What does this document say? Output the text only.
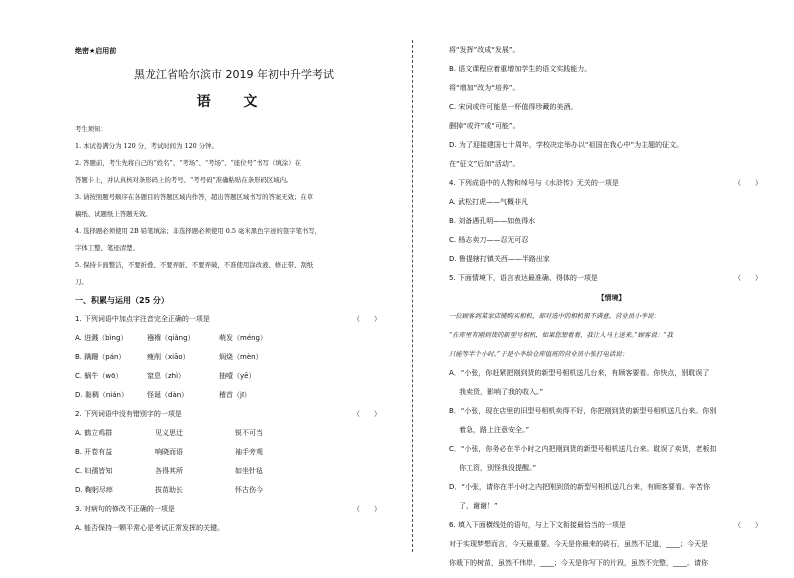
绝密★启用前
黑龙江省哈尔滨市 2019 年初中升学考试
语 文
考生须知：
1. 本试卷满分为 120 分，考试时间为 120 分钟。
2. 答题前，考生先将自己的“姓名”、“考场”、“考场”、“座位号”书写（填涂）在
答题卡上，并认真核对条形码上的考号、“考号码”准确粘贴在条形码区域内。
3. 请按照题号顺序在各题目的答题区域内作答，超出答题区域书写的答案无效；在草
稿纸、试题纸上答题无效。
4. 选择题必须使用 2B 铅笔填涂；非选择题必须使用 0.5 毫米黑色字迹的签字笔书写，
字体工整、笔迹清楚。
5. 保持卡面整洁，不要折叠、不要弄脏、不要弄破，不准使用涂改液、修正带、刮纸
刀。
一、积累与运用（25 分）
1. 下列词语中加点字注音完全正确的一项是	（　　）
A. 迸溅（bìng）	襁褓（qiǎng）	萌发（méng）
B. 蹒跚（pán）	瘦削（xiāo）	焖烧（mèn）
C. 蜗牛（wō）	窒息（zhì）	抽噎（yē）
D. 黏稠（nián）	怪诞（dàn）	稽首（jī）
2. 下列词语中没有错别字的一项是	（　　）
A. 鹤立鸡群	见义思迁	锐不可当
B. 开卷有益	响晓而语	袖手旁观
C. 妇孺皆知	各得其所	如坐针毡
D. 鞠躬尽瘁	拔苗助长	怀古伤今
3. 对病句的修改不正确的一项是	（　　）
A. 能否保持一颗平常心是考试正常发挥的关键。
将“发挥”改成“发展”。
B. 语文课程应着重增加学生的语文实践能力。
将“增加”改为“培养”。
C. 宋词或许可能是一杯值得珍藏的美酒。
删掉“或许”或“可能”。
D. 为了迎接建国七十周年，学校决定举办以“祖国在我心中”为主题的征文。
在“征文”后加“活动”。
4. 下列成语中的人物和绰号与《水浒传》无关的一项是	（　　）
A. 武松打虎——气概非凡
B. 刘备遇孔明——如鱼得水
C. 杨志卖刀——忍无可忍
D. 鲁提辖打镇关西——半路出家
5. 下面情境下，语言表达最准确、得体的一项是	（　　）
【情境】
一位顾客到某家店铺购买相机，却对选中的相机很不满意。营业员小李说：
“在库里有刚到货的新型号相机，如果您想看看，我让人马上送来。”顾客说：“我
只能等半个小时。”于是小李给仓库值班的营业员小张打电话说：
A．“小张，你赶紧把刚到货的新型号相机送几台来，有顾客要看。你快点，别耽误了
我卖货，影响了我的收入。”
B．“小张，现在店里的旧型号相机卖得不好，你把刚到货的新型号相机送几台来。你别
着急，路上注意安全。”
C．“小张，你务必在半小时之内把刚到货的新型号相机送几台来。耽误了卖货，老板扣
你工资，别怪我没提醒。”
D．“小张，请你在半小时之内把刚到货的新型号相机送几台来，有顾客要看。辛苦你
了，谢谢！”
6. 填入下面横线处的语句，与上下文衔接最恰当的一项是	（　　）
对于实现梦想而言，今天最重要。今天是你最来的砖石，虽然不足道，____；今天是
你栽下的树苗，虽然不伟岸，____；今天是你写下的片段，虽然不完整，____。请你
